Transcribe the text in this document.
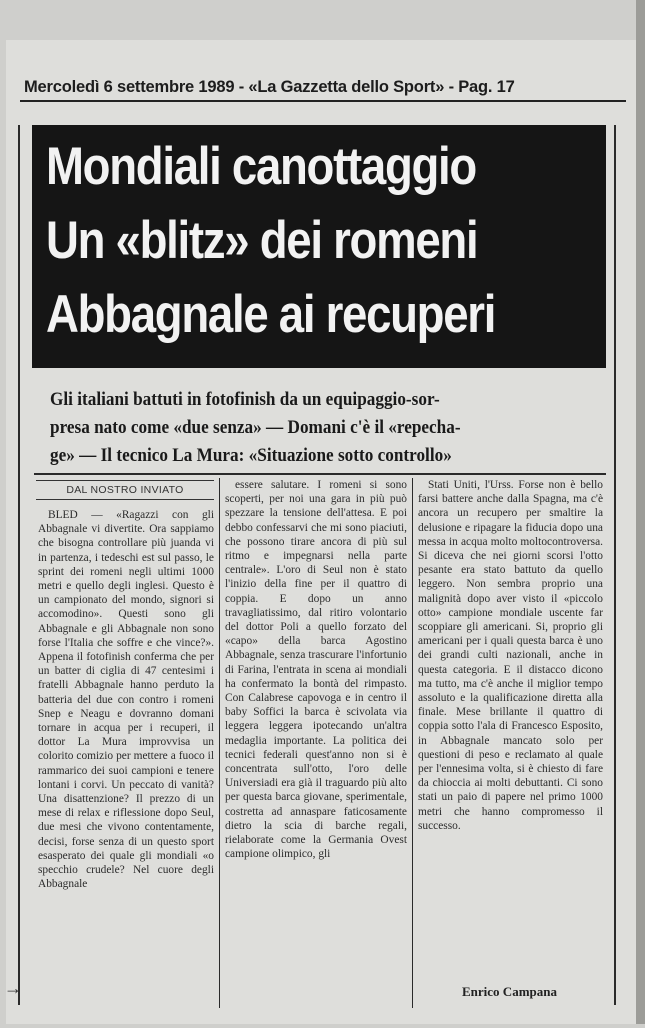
Mercoledì 6 settembre 1989 - «La Gazzetta dello Sport» - Pag. 17
Mondiali canottaggio
Un «blitz» dei romeni
Abbagnale ai recuperi
Gli italiani battuti in fotofinish da un equipaggio-sor-
presa nato come «due senza» — Domani c'è il «repecha-
ge» — Il tecnico La Mura: «Situazione sotto controllo»
DAL NOSTRO INVIATO

BLED — «Ragazzi con gli Abbagnale vi divertite. Ora sappiamo che bisogna controllare più juanda vi in partenza, i tedeschi est sul passo, le sprint dei romeni negli ultimi 1000 metri e quello degli inglesi. Questo è un campionato del mondo, signori si accomodino». Questi sono gli Abbagnale e gli Abbagnale non sono forse l'Italia che soffre e che vince?». Appena il fotofinish conferma che per un batter di ciglia di 47 centesimi i fratelli Abbagnale hanno perduto la batteria del due con contro i romeni Snep e Neagu e dovranno domani tornare in acqua per i recuperi, il dottor La Mura improvvisa un colorito comizio per mettere a fuoco il rammarico dei suoi campioni e tenere lontani i corvi. Un peccato di vanità? Una disattenzione? Il prezzo di un mese di relax e riflessione dopo Seul, due mesi che vivono contentamente, decisi, forse senza di un questo sport esasperato dei quale gli mondiali «o specchio crudele? Nel cuore degli Abbagnale

essere salutare. I romeni si sono scoperti, per noi una gara in più può spezzare la tensione dell'attesa. E poi debbo confessarvi che mi sono piaciuti, che possono tirare ancora di più sul ritmo e impegnarsi nella parte centrale». L'oro di Seul non è stato l'inizio della fine per il quattro di coppia. E dopo un anno travagliatissimo, dal ritiro volontario del dottor Poli a quello forzato del «capo» della barca Agostino Abbagnale, senza trascurare l'infortunio di Farina, l'entrata in scena ai mondiali ha confermato la bontà del rimpasto. Con Calabrese capovoga e in centro il baby Soffici la barca è scivolata via leggera leggera ipotecando un'altra medaglia importante. La politica dei tecnici federali quest'anno non si è concentrata sull'otto, l'oro delle Universiadi era già il traguardo più alto per questa barca giovane, sperimentale, costretta ad annaspare faticosamente dietro la scia di barche regali, rielaborate come la Germania Ovest campione olimpico, gli

Stati Uniti, l'Urss. Forse non è bello farsi battere anche dalla Spagna, ma c'è ancora un recupero per smaltire la delusione e ripagare la fiducia dopo una messa in acqua molto moltocontroversa. Si diceva che nei giorni scorsi l'otto pesante era stato battuto da quello leggero. Non sembra proprio una malignità dopo aver visto il «piccolo otto» campione mondiale uscente far scoppiare gli americani. Si, proprio gli americani per i quali questa barca è uno dei grandi culti nazionali, anche in questa categoria. E il distacco dicono ma tutto, ma c'è anche il miglior tempo assoluto e la qualificazione diretta alla finale. Mese brillante il quattro di coppia sotto l'ala di Francesco Esposito, in Abbagnale mancato solo per questioni di peso e reclamato al quale per l'ennesima volta, si è chiesto di fare da chioccia ai molti debuttanti. Ci sono stati un paio di papere nel primo 1000 metri che hanno compromesso il successo.

Enrico Campana
→
